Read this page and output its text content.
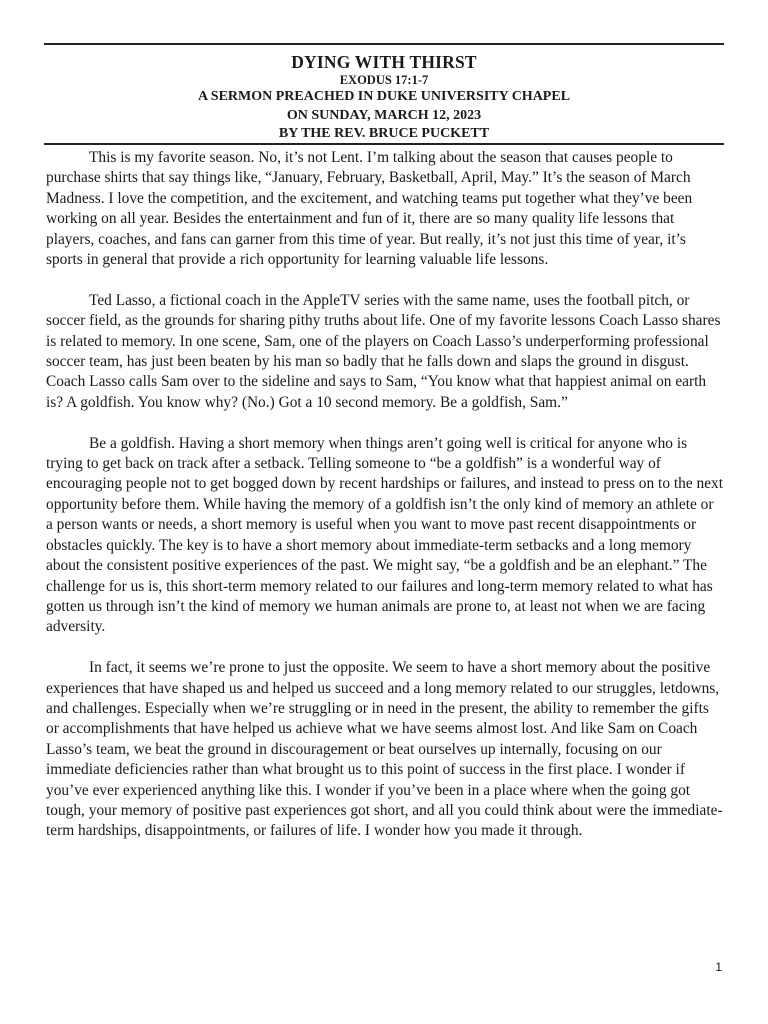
DYING WITH THIRST
EXODUS 17:1-7
A SERMON PREACHED IN DUKE UNIVERSITY CHAPEL
ON SUNDAY, MARCH 12, 2023
BY THE REV. BRUCE PUCKETT

This is my favorite season. No, it’s not Lent. I’m talking about the season that causes people to purchase shirts that say things like, “January, February, Basketball, April, May.” It’s the season of March Madness. I love the competition, and the excitement, and watching teams put together what they’ve been working on all year. Besides the entertainment and fun of it, there are so many quality life lessons that players, coaches, and fans can garner from this time of year. But really, it’s not just this time of year, it’s sports in general that provide a rich opportunity for learning valuable life lessons.

Ted Lasso, a fictional coach in the AppleTV series with the same name, uses the football pitch, or soccer field, as the grounds for sharing pithy truths about life. One of my favorite lessons Coach Lasso shares is related to memory. In one scene, Sam, one of the players on Coach Lasso’s underperforming professional soccer team, has just been beaten by his man so badly that he falls down and slaps the ground in disgust. Coach Lasso calls Sam over to the sideline and says to Sam, “You know what that happiest animal on earth is? A goldfish. You know why? (No.) Got a 10 second memory. Be a goldfish, Sam.”

Be a goldfish. Having a short memory when things aren’t going well is critical for anyone who is trying to get back on track after a setback. Telling someone to “be a goldfish” is a wonderful way of encouraging people not to get bogged down by recent hardships or failures, and instead to press on to the next opportunity before them. While having the memory of a goldfish isn’t the only kind of memory an athlete or a person wants or needs, a short memory is useful when you want to move past recent disappointments or obstacles quickly. The key is to have a short memory about immediate-term setbacks and a long memory about the consistent positive experiences of the past. We might say, “be a goldfish and be an elephant.” The challenge for us is, this short-term memory related to our failures and long-term memory related to what has gotten us through isn’t the kind of memory we human animals are prone to, at least not when we are facing adversity.

In fact, it seems we’re prone to just the opposite. We seem to have a short memory about the positive experiences that have shaped us and helped us succeed and a long memory related to our struggles, letdowns, and challenges. Especially when we’re struggling or in need in the present, the ability to remember the gifts or accomplishments that have helped us achieve what we have seems almost lost. And like Sam on Coach Lasso’s team, we beat the ground in discouragement or beat ourselves up internally, focusing on our immediate deficiencies rather than what brought us to this point of success in the first place. I wonder if you’ve ever experienced anything like this. I wonder if you’ve been in a place where when the going got tough, your memory of positive past experiences got short, and all you could think about were the immediate-term hardships, disappointments, or failures of life. I wonder how you made it through.

1
